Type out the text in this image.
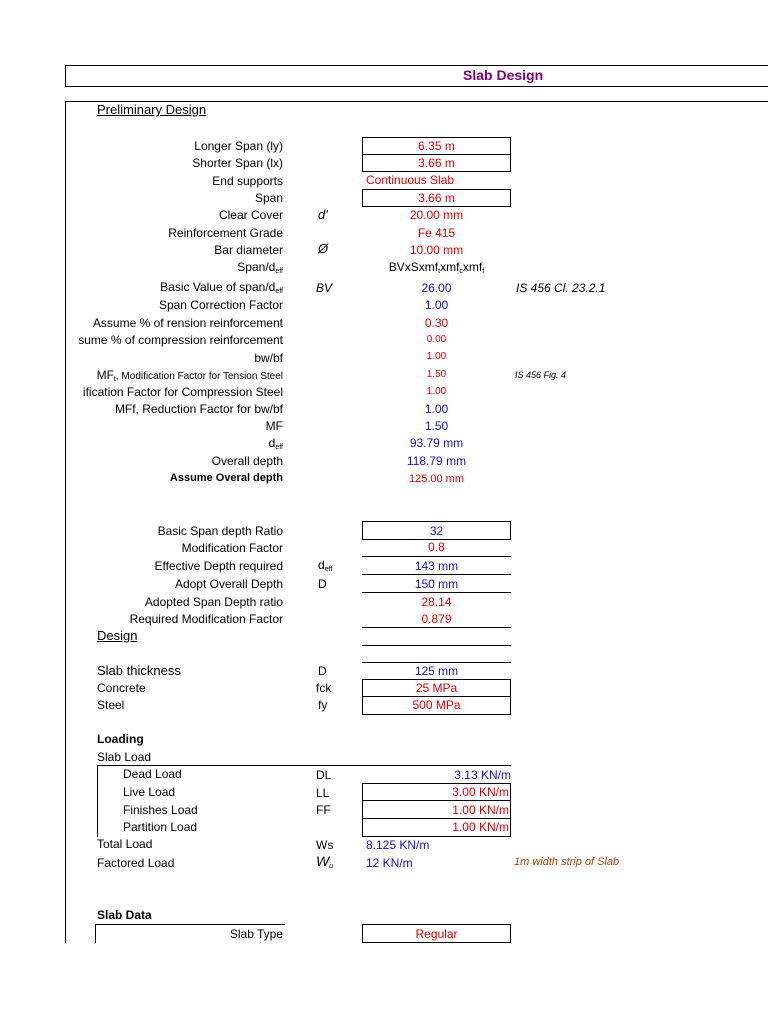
Slab Design
Preliminary Design
Longer Span (ly)	6.35 m
Shorter Span (lx)	3.66 m
End supports	Continuous Slab
Span	3.66 m
Clear Cover	d'	20.00 mm
Reinforcement Grade	Fe 415
Bar diameter	Ø	10.00 mm
Span/$d_{eff}$	BVxSxmf$_t$xmf$_c$xmf$_f$
Basic Value of span/$d_{eff}$	BV	26.00	IS 456 Cl. 23.2.1
Span Correction Factor	1.00
Assume % of rension reinforcement	0.30
sume % of compression reinforcement	0.00
bw/bf	1.00
$MF_t$, Modification Factor for Tension Steel	1.50	IS 456 Fig. 4
ification Factor for Compression Steel	1.00
MFf, Reduction Factor for bw/bf	1.00
MF	1.50
$d_{eff}$	93.79 mm
Overall depth	118.79 mm
Assume Overal depth	125.00 mm
Basic Span depth Ratio	32
Modification Factor	0.8
Effective Depth required	$d_{eff}$	143 mm
Adopt Overall Depth	D	150 mm
Adopted Span Depth ratio	28.14
Required Modification Factor	0.879
Design
Slab thickness	D	125 mm
Concrete	fck	25 MPa
Steel	fy	500 MPa
Loading
Slab Load
Dead Load	DL	3.13 KN/m
Live Load	LL	3.00 KN/m
Finishes Load	FF	1.00 KN/m
Partition Load	1.00 KN/m
Total Load	Ws	8.125 KN/m
Factored Load	$W_u$	12 KN/m	1m width strip of Slab
Slab Data
Slab Type	Regular
